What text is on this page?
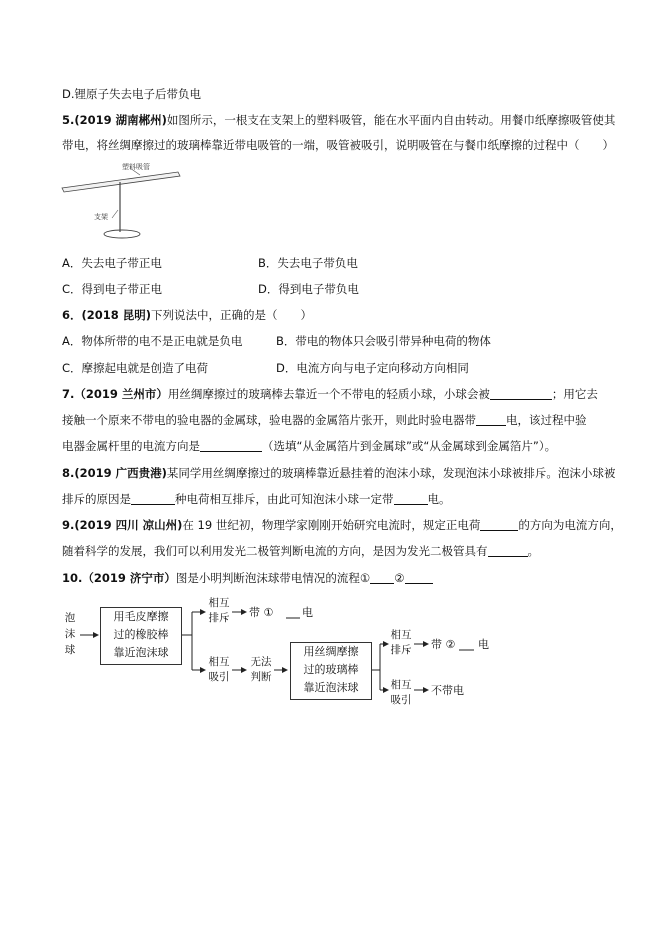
D.锂原子失去电子后带负电
5.(2019 湖南郴州)如图所示，一根支在支架上的塑料吸管，能在水平面内自由转动。用餐巾纸摩擦吸管使其
带电，将丝绸摩擦过的玻璃棒靠近带电吸管的一端，吸管被吸引，说明吸管在与餐巾纸摩擦的过程中（　　）
塑料吸管
支架
A．失去电子带正电	B．失去电子带负电
C．得到电子带正电	D．得到电子带负电
6．(2018 昆明)下列说法中，正确的是（　　）
A．物体所带的电不是正电就是负电	B．带电的物体只会吸引带异种电荷的物体
C．摩擦起电就是创造了电荷	D．电流方向与电子定向移动方向相同
7.（2019 兰州市）用丝绸摩擦过的玻璃棒去靠近一个不带电的轻质小球，小球会被	；用它去
接触一个原来不带电的验电器的金属球，验电器的金属箔片张开，则此时验电器带	电，该过程中验
电器金属杆里的电流方向是	（选填“从金属箔片到金属球”或“从金属球到金属箔片”）。
8.(2019 广西贵港)某同学用丝绸摩擦过的玻璃棒靠近悬挂着的泡沫小球，发现泡沫小球被排斥。泡沫小球被
排斥的原因是	种电荷相互排斥，由此可知泡沫小球一定带	电。
9.(2019 四川 凉山州)在 19 世纪初，物理学家刚刚开始研究电流时，规定正电荷	的方向为电流方向，
随着科学的发展，我们可以利用发光二极管判断电流的方向，是因为发光二极管具有	。
10.（2019 济宁市）图是小明判断泡沫球带电情况的流程① ②
泡沫球
用毛皮摩擦
过的橡胶棒
靠近泡沫球
相互
排斥 带 ①	电
相互
吸引
无法
判断
用丝绸摩擦
过的玻璃棒
靠近泡沫球
相互
排斥 带 ② 电
相互
吸引
不带电
